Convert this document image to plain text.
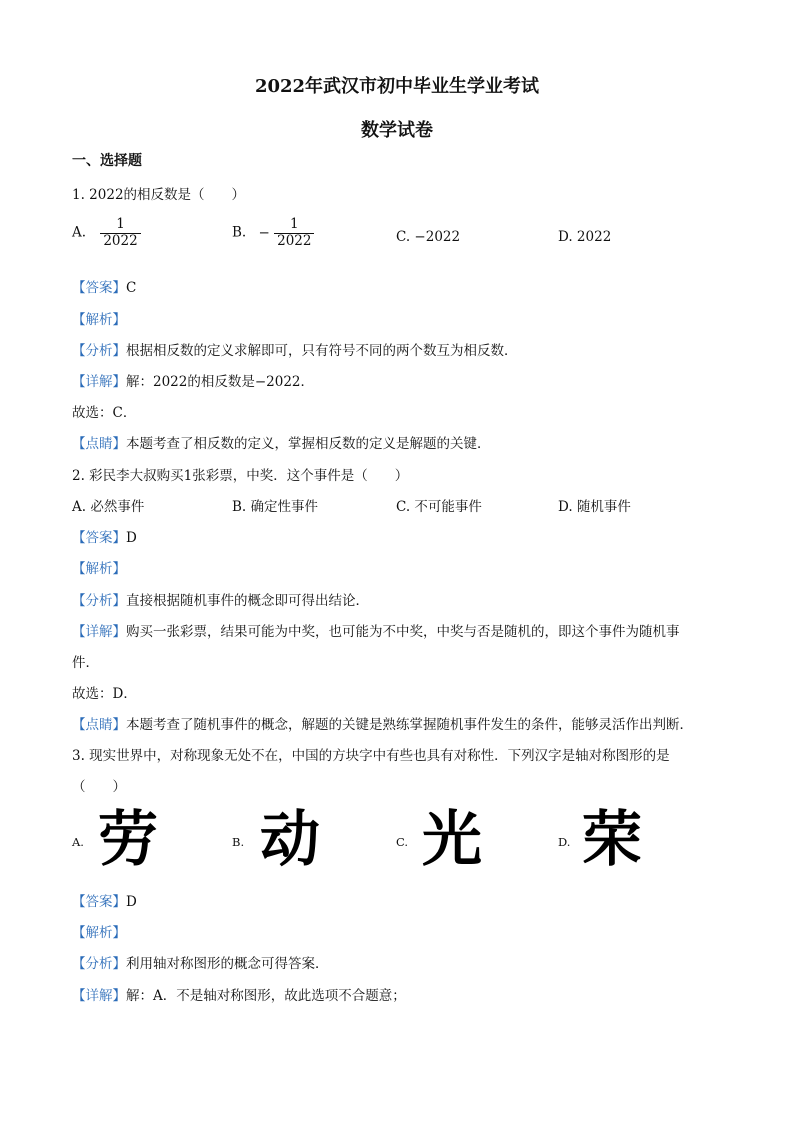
2022年武汉市初中毕业生学业考试
数学试卷
一、选择题
1. 2022的相反数是（　　）
A. $\frac{1}{2022}$	B. − $\frac{1}{2022}$	C. −2022	D. 2022
【答案】C
【解析】
【分析】根据相反数的定义求解即可，只有符号不同的两个数互为相反数．
【详解】解：2022的相反数是−2022．
故选：C．
【点睛】本题考查了相反数的定义，掌握相反数的定义是解题的关键．
2. 彩民李大叔购买1张彩票，中奖．这个事件是（　　）
A. 必然事件	B. 确定性事件	C. 不可能事件	D. 随机事件
【答案】D
【解析】
【分析】直接根据随机事件的概念即可得出结论．
【详解】购买一张彩票，结果可能为中奖，也可能为不中奖，中奖与否是随机的，即这个事件为随机事
件．
故选：D．
【点睛】本题考查了随机事件的概念，解题的关键是熟练掌握随机事件发生的条件，能够灵活作出判断．
3. 现实世界中，对称现象无处不在，中国的方块字中有些也具有对称性．下列汉字是轴对称图形的是
（　　）
A. 劳	B. 动	C. 光	D. 荣
【答案】D
【解析】
【分析】利用轴对称图形的概念可得答案．
【详解】解：A．不是轴对称图形，故此选项不合题意；
